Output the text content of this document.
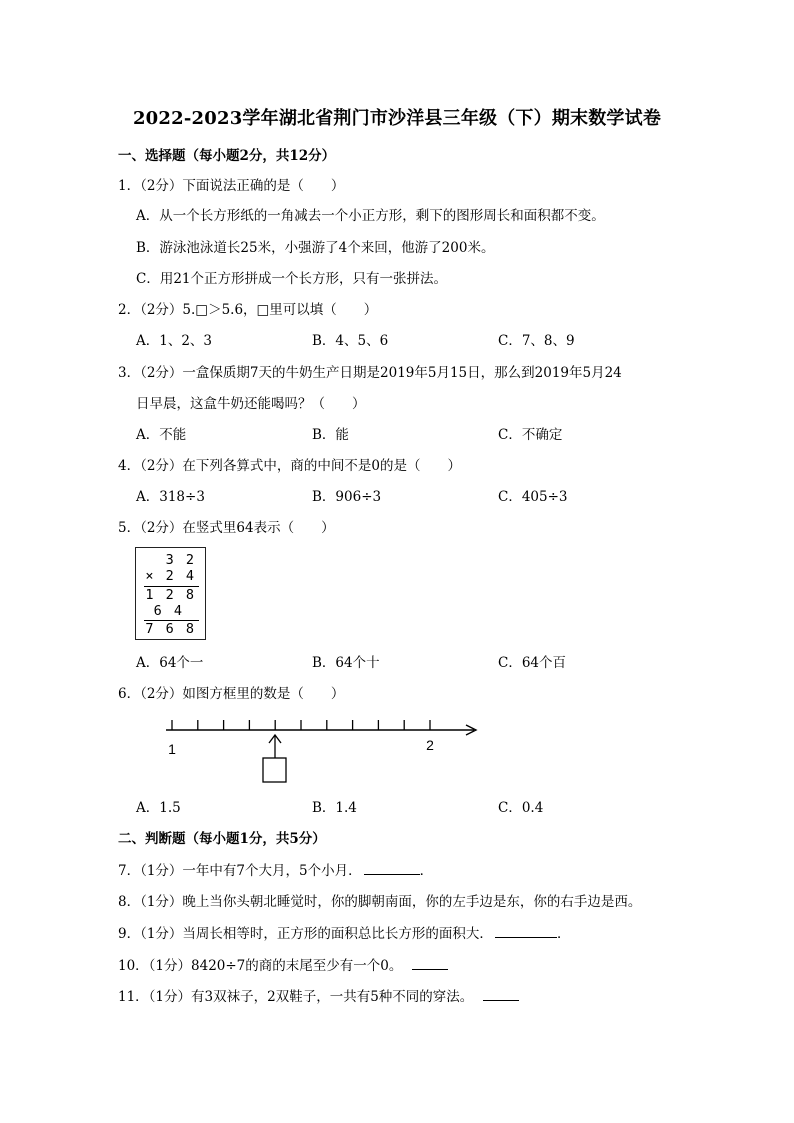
2022-2023学年湖北省荆门市沙洋县三年级（下）期末数学试卷
一、选择题（每小题2分，共12分）
1．（2分）下面说法正确的是（　　）
A．从一个长方形纸的一角减去一个小正方形，剩下的图形周长和面积都不变。
B．游泳池泳道长25米，小强游了4个来回，他游了200米。
C．用21个正方形拼成一个长方形，只有一张拼法。
2．（2分）5.□＞5.6，□里可以填（　　）
A．1、2、3	B．4、5、6	C．7、8、9
3．（2分）一盒保质期7天的牛奶生产日期是2019年5月15日，那么到2019年5月24
日早晨，这盒牛奶还能喝吗？（　　）
A．不能	B．能	C．不确定
4．（2分）在下列各算式中，商的中间不是0的是（　　）
A．318÷3	B．906÷3	C．405÷3
5．（2分）在竖式里64表示（　　）
3 2
× 2 4
1 2 8
6 4
7 6 8
A．64个一	B．64个十	C．64个百
6．（2分）如图方框里的数是（　　）
1	2
A．1.5	B．1.4	C．0.4
二、判断题（每小题1分，共5分）
7．（1分）一年中有7个大月，5个小月．	．
8．（1分）晚上当你头朝北睡觉时，你的脚朝南面，你的左手边是东，你的右手边是西。
9．（1分）当周长相等时，正方形的面积总比长方形的面积大．	．
10．（1分）8420÷7的商的末尾至少有一个0。
11．（1分）有3双袜子，2双鞋子，一共有5种不同的穿法。
